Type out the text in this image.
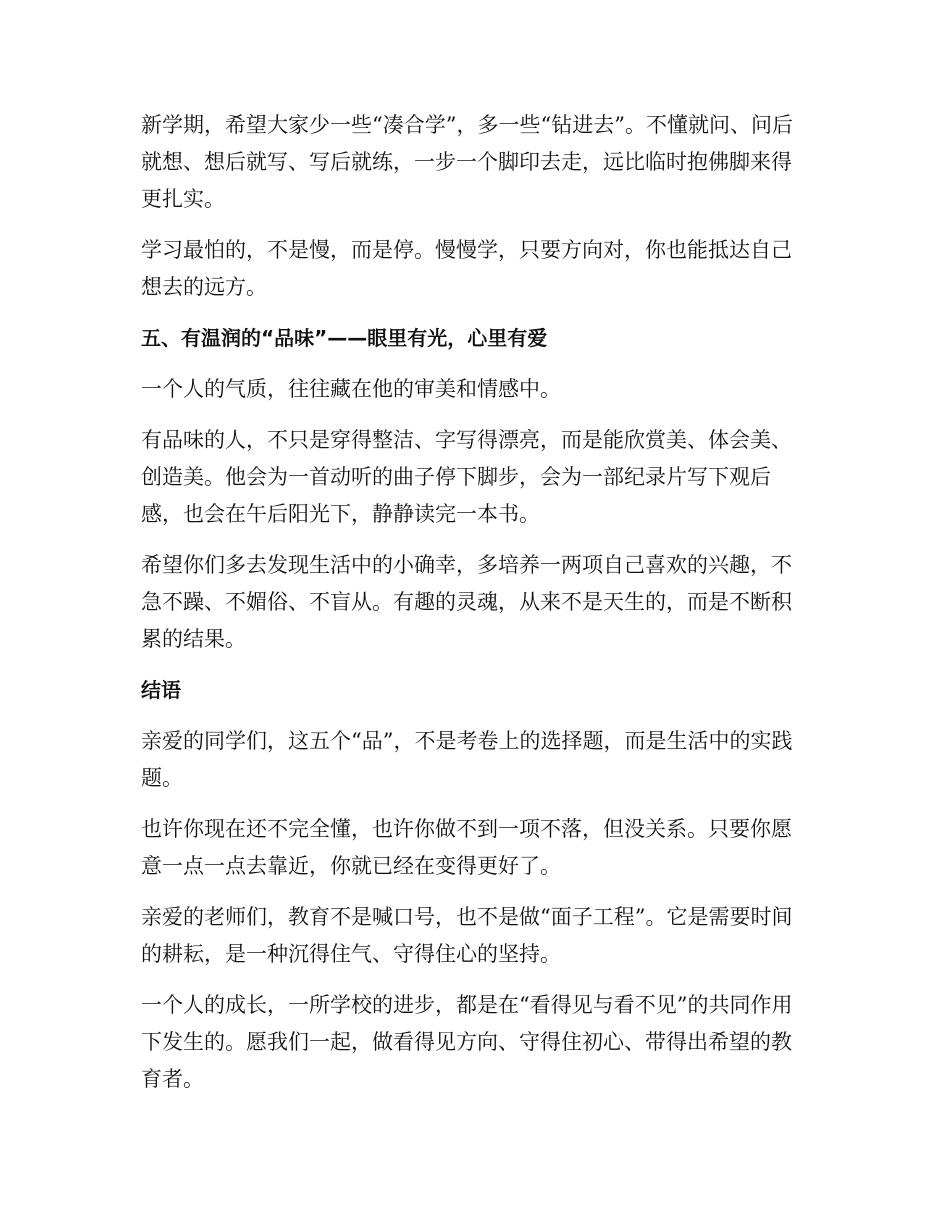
新学期，希望大家少一些“凑合学”，多一些“钻进去”。不懂就问、问后就想、想后就写、写后就练，一步一个脚印去走，远比临时抱佛脚来得更扎实。

学习最怕的，不是慢，而是停。慢慢学，只要方向对，你也能抵达自己想去的远方。

五、有温润的“品味”——眼里有光，心里有爱

一个人的气质，往往藏在他的审美和情感中。

有品味的人，不只是穿得整洁、字写得漂亮，而是能欣赏美、体会美、创造美。他会为一首动听的曲子停下脚步，会为一部纪录片写下观后感，也会在午后阳光下，静静读完一本书。

希望你们多去发现生活中的小确幸，多培养一两项自己喜欢的兴趣，不急不躁、不媚俗、不盲从。有趣的灵魂，从来不是天生的，而是不断积累的结果。

结语

亲爱的同学们，这五个“品”，不是考卷上的选择题，而是生活中的实践题。

也许你现在还不完全懂，也许你做不到一项不落，但没关系。只要你愿意一点一点去靠近，你就已经在变得更好了。

亲爱的老师们，教育不是喊口号，也不是做“面子工程”。它是需要时间的耕耘，是一种沉得住气、守得住心的坚持。

一个人的成长，一所学校的进步，都是在“看得见与看不见”的共同作用下发生的。愿我们一起，做看得见方向、守得住初心、带得出希望的教育者。
